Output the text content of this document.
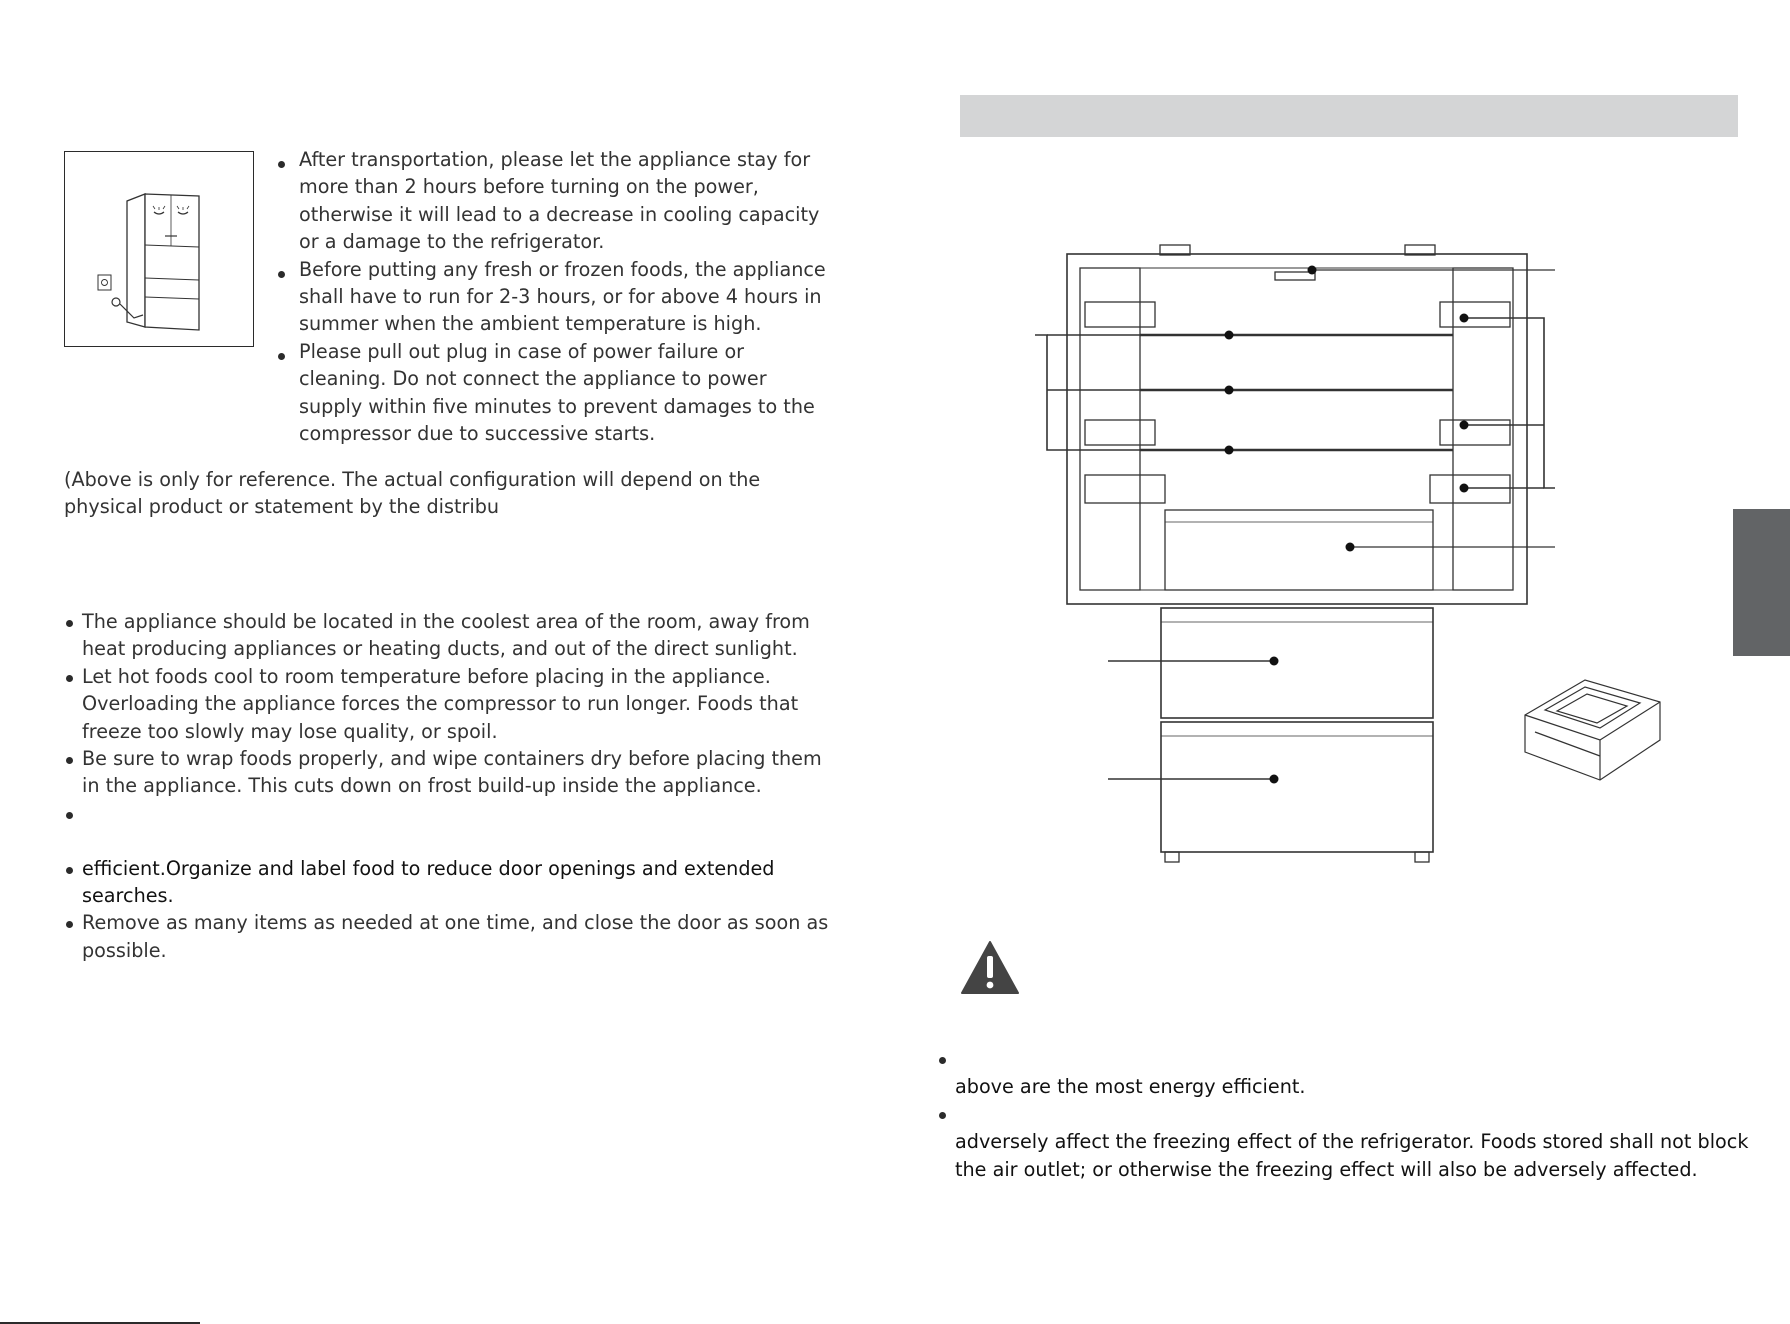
After transportation, please let the appliance stay for more than 2 hours before turning on the power, otherwise it will lead to a decrease in cooling capacity or a damage to the refrigerator.
Before putting any fresh or frozen foods, the appliance shall have to run for 2-3 hours, or for above 4 hours in summer when the ambient temperature is high.
Please pull out plug in case of power failure or cleaning. Do not connect the appliance to power supply within five minutes to prevent damages to the compressor due to successive starts.

(Above is only for reference. The actual configuration will depend on the physical product or statement by the distribu

The appliance should be located in the coolest area of the room, away from heat producing appliances or heating ducts, and out of the direct sunlight.
Let hot foods cool to room temperature before placing in the appliance. Overloading the appliance forces the compressor to run longer. Foods that freeze too slowly may lose quality, or spoil.
Be sure to wrap foods properly, and wipe containers dry before placing them in the appliance. This cuts down on frost build-up inside the appliance.
efficient.Organize and label food to reduce door openings and extended searches.
Remove as many items as needed at one time, and close the door as soon as possible.
above are the most energy efficient.
adversely affect the freezing effect of the refrigerator. Foods stored shall not block the air outlet; or otherwise the freezing effect will also be adversely affected.
